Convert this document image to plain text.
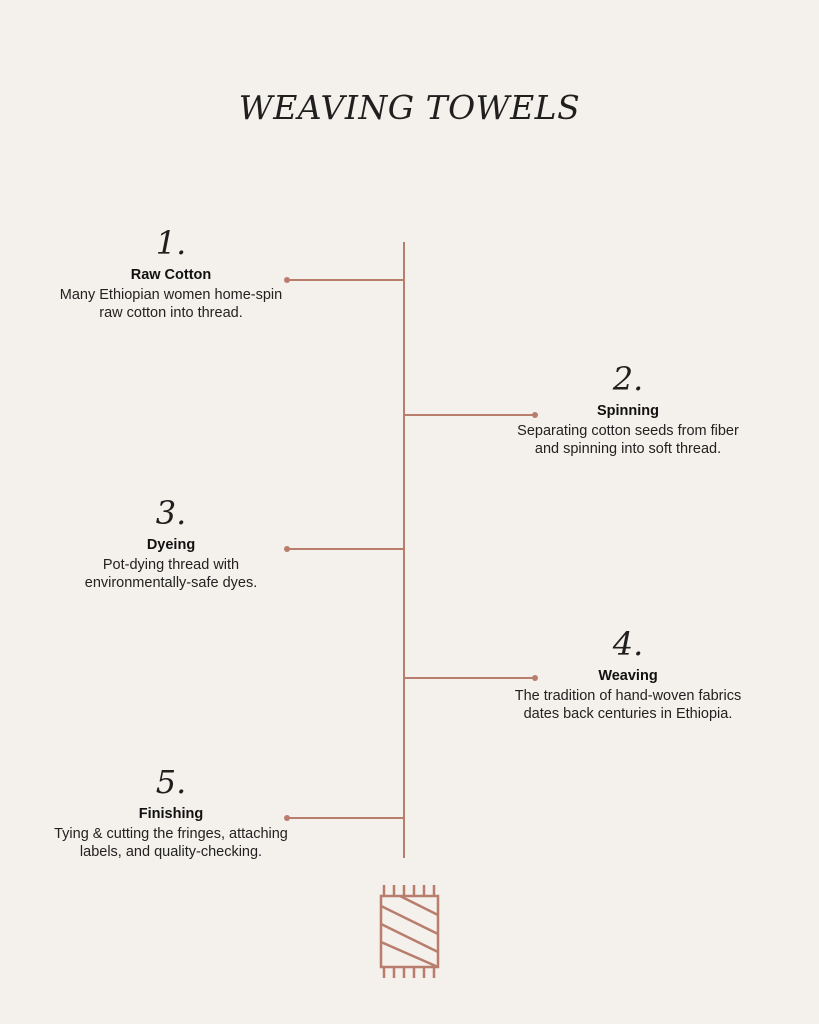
WEAVING TOWELS
1.
Raw Cotton
Many Ethiopian women home-spin
raw cotton into thread.
2.
Spinning
Separating cotton seeds from fiber
and spinning into soft thread.
3.
Dyeing
Pot-dying thread with
environmentally-safe dyes.
4.
Weaving
The tradition of hand-woven fabrics
dates back centuries in Ethiopia.
5.
Finishing
Tying & cutting the fringes, attaching
labels, and quality-checking.
